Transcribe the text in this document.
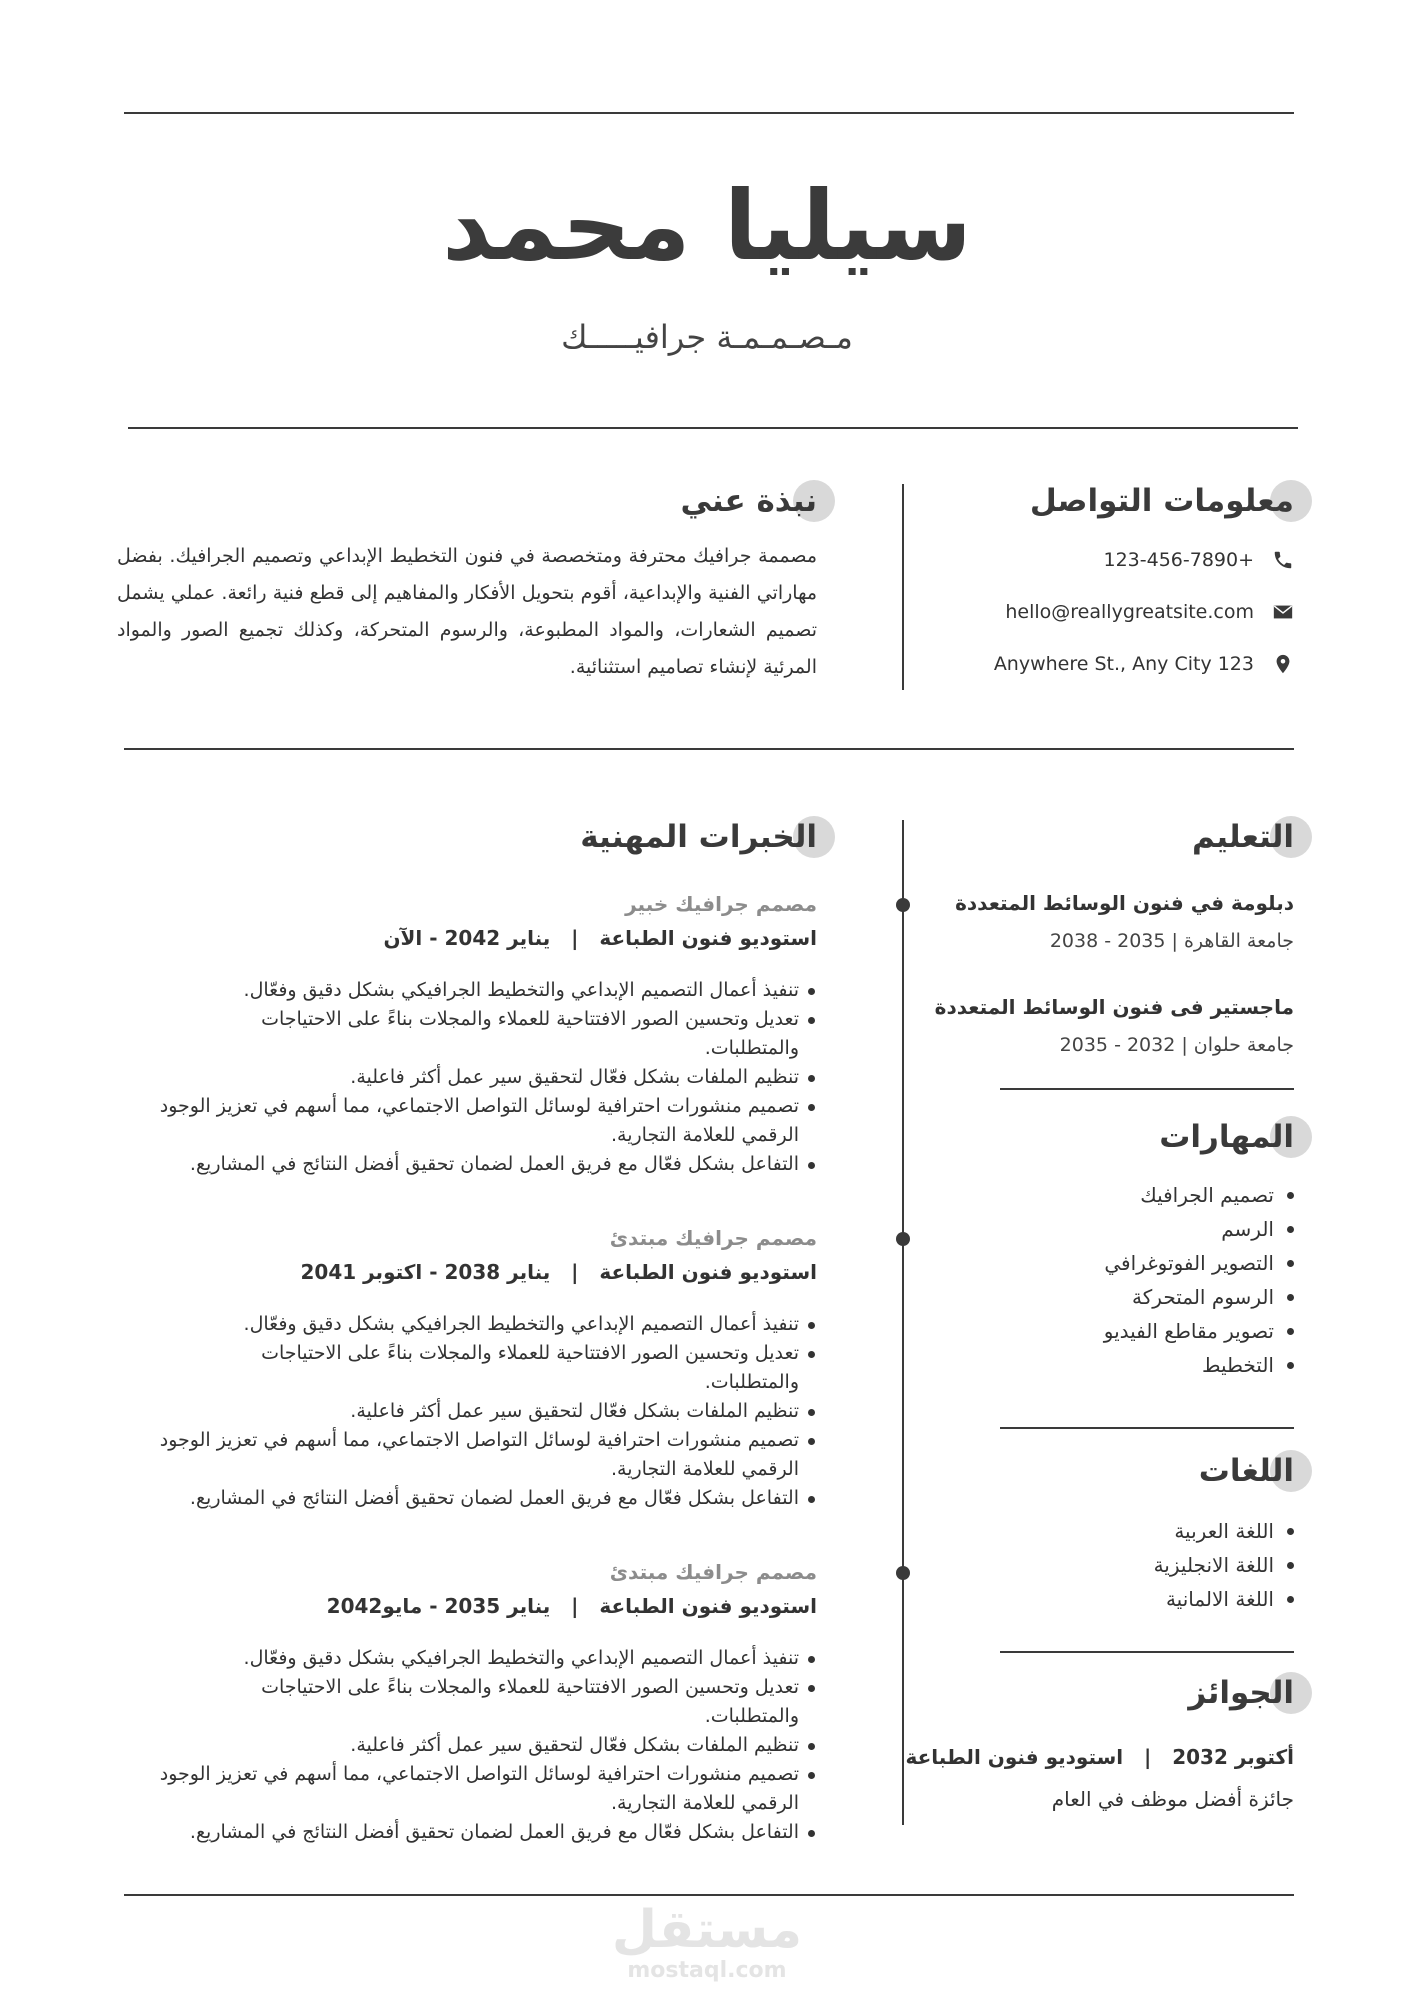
سيليا محمد
مـصـمـمـة جرافيـــــك
معلومات التواصل
123-456-7890+
hello@reallygreatsite.com
Anywhere St., Any City 123
نبذة عني
مصممة جرافيك محترفة ومتخصصة في فنون التخطيط الإبداعي وتصميم الجرافيك. بفضل مهاراتي الفنية والإبداعية، أقوم بتحويل الأفكار والمفاهيم إلى قطع فنية رائعة. عملي يشمل تصميم الشعارات، والمواد المطبوعة، والرسوم المتحركة، وكذلك تجميع الصور والمواد المرئية لإنشاء تصاميم استثنائية.
الخبرات المهنية
مصمم جرافيك خبير
استوديو فنون الطباعة   |   يناير 2042 - الآن
تنفيذ أعمال التصميم الإبداعي والتخطيط الجرافيكي بشكل دقيق وفعّال.
تعديل وتحسين الصور الافتتاحية للعملاء والمجلات بناءً على الاحتياجات والمتطلبات.
تنظيم الملفات بشكل فعّال لتحقيق سير عمل أكثر فاعلية.
تصميم منشورات احترافية لوسائل التواصل الاجتماعي، مما أسهم في تعزيز الوجود الرقمي للعلامة التجارية.
التفاعل بشكل فعّال مع فريق العمل لضمان تحقيق أفضل النتائج في المشاريع.
مصمم جرافيك مبتدئ
استوديو فنون الطباعة   |   يناير 2038 - اكتوبر 2041
تنفيذ أعمال التصميم الإبداعي والتخطيط الجرافيكي بشكل دقيق وفعّال.
تعديل وتحسين الصور الافتتاحية للعملاء والمجلات بناءً على الاحتياجات والمتطلبات.
تنظيم الملفات بشكل فعّال لتحقيق سير عمل أكثر فاعلية.
تصميم منشورات احترافية لوسائل التواصل الاجتماعي، مما أسهم في تعزيز الوجود الرقمي للعلامة التجارية.
التفاعل بشكل فعّال مع فريق العمل لضمان تحقيق أفضل النتائج في المشاريع.
مصمم جرافيك مبتدئ
استوديو فنون الطباعة   |   يناير 2035 - مايو2042
تنفيذ أعمال التصميم الإبداعي والتخطيط الجرافيكي بشكل دقيق وفعّال.
تعديل وتحسين الصور الافتتاحية للعملاء والمجلات بناءً على الاحتياجات والمتطلبات.
تنظيم الملفات بشكل فعّال لتحقيق سير عمل أكثر فاعلية.
تصميم منشورات احترافية لوسائل التواصل الاجتماعي، مما أسهم في تعزيز الوجود الرقمي للعلامة التجارية.
التفاعل بشكل فعّال مع فريق العمل لضمان تحقيق أفضل النتائج في المشاريع.
التعليم
دبلومة في فنون الوسائط المتعددة
جامعة القاهرة | 2035 - 2038
ماجستير فى فنون الوسائط المتعددة
جامعة حلوان | 2032 - 2035
المهارات
تصميم الجرافيك
الرسم
التصوير الفوتوغرافي
الرسوم المتحركة
تصوير مقاطع الفيديو
التخطيط
اللغات
اللغة العربية
اللغة الانجليزية
اللغة الالمانية
الجوائز
أكتوبر 2032   |   استوديو فنون الطباعة
جائزة أفضل موظف في العام
مستقل
mostaql.com
